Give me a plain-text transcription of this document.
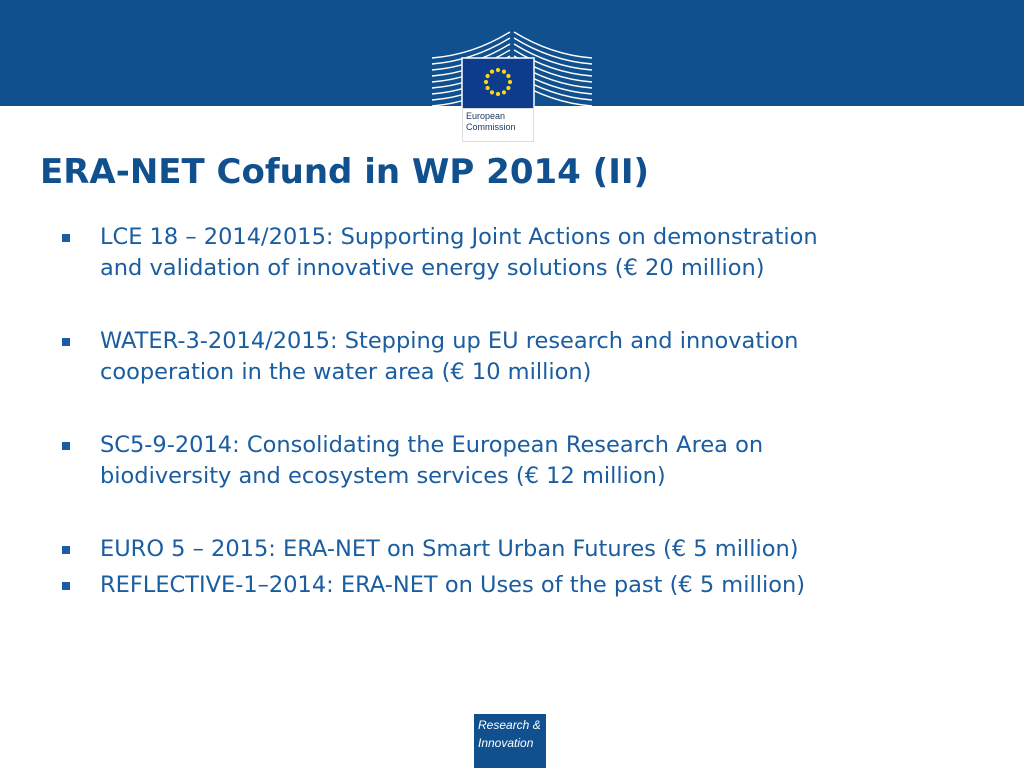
European
Commission
ERA-NET Cofund in WP 2014 (II)
LCE 18 – 2014/2015: Supporting Joint Actions on demonstration
and validation of innovative energy solutions (€ 20 million)
WATER-3-2014/2015: Stepping up EU research and innovation
cooperation in the water area (€ 10 million)
SC5-9-2014: Consolidating the European Research Area on
biodiversity and ecosystem services (€ 12 million)
EURO 5 – 2015: ERA-NET on Smart Urban Futures (€ 5 million)
REFLECTIVE-1–2014: ERA-NET on Uses of the past (€ 5 million)
Research &
Innovation
